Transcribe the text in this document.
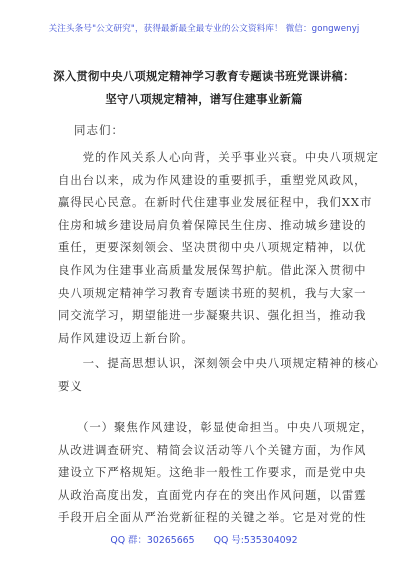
关注头条号"公文研究"，获得最新最全最专业的公文资料库！ 微信：gongwenyj
深入贯彻中央八项规定精神学习教育专题读书班党课讲稿：
坚守八项规定精神，谱写住建事业新篇
同志们：
　　党的作风关系人心向背，关乎事业兴衰。中央八项规定
自出台以来，成为作风建设的重要抓手，重塑党风政风，
赢得民心民意。在新时代住建事业发展征程中，我们XX市
住房和城乡建设局肩负着保障民生住房、推动城乡建设的
重任，更要深刻领会、坚决贯彻中央八项规定精神，以优
良作风为住建事业高质量发展保驾护航。借此深入贯彻中
央八项规定精神学习教育专题读书班的契机，我与大家一
同交流学习，期望能进一步凝聚共识、强化担当，推动我
局作风建设迈上新台阶。
　　一、提高思想认识，深刻领会中央八项规定精神的核心
要义
　　（一）聚焦作风建设，彰显使命担当。中央八项规定，
从改进调查研究、精简会议活动等八个关键方面，为作风
建设立下严格规矩。这绝非一般性工作要求，而是党中央
从政治高度出发，直面党内存在的突出作风问题，以雷霆
手段开启全面从严治党新征程的关键之举。它是对党的性
QQ 群：30265665 QQ 号:535304092
